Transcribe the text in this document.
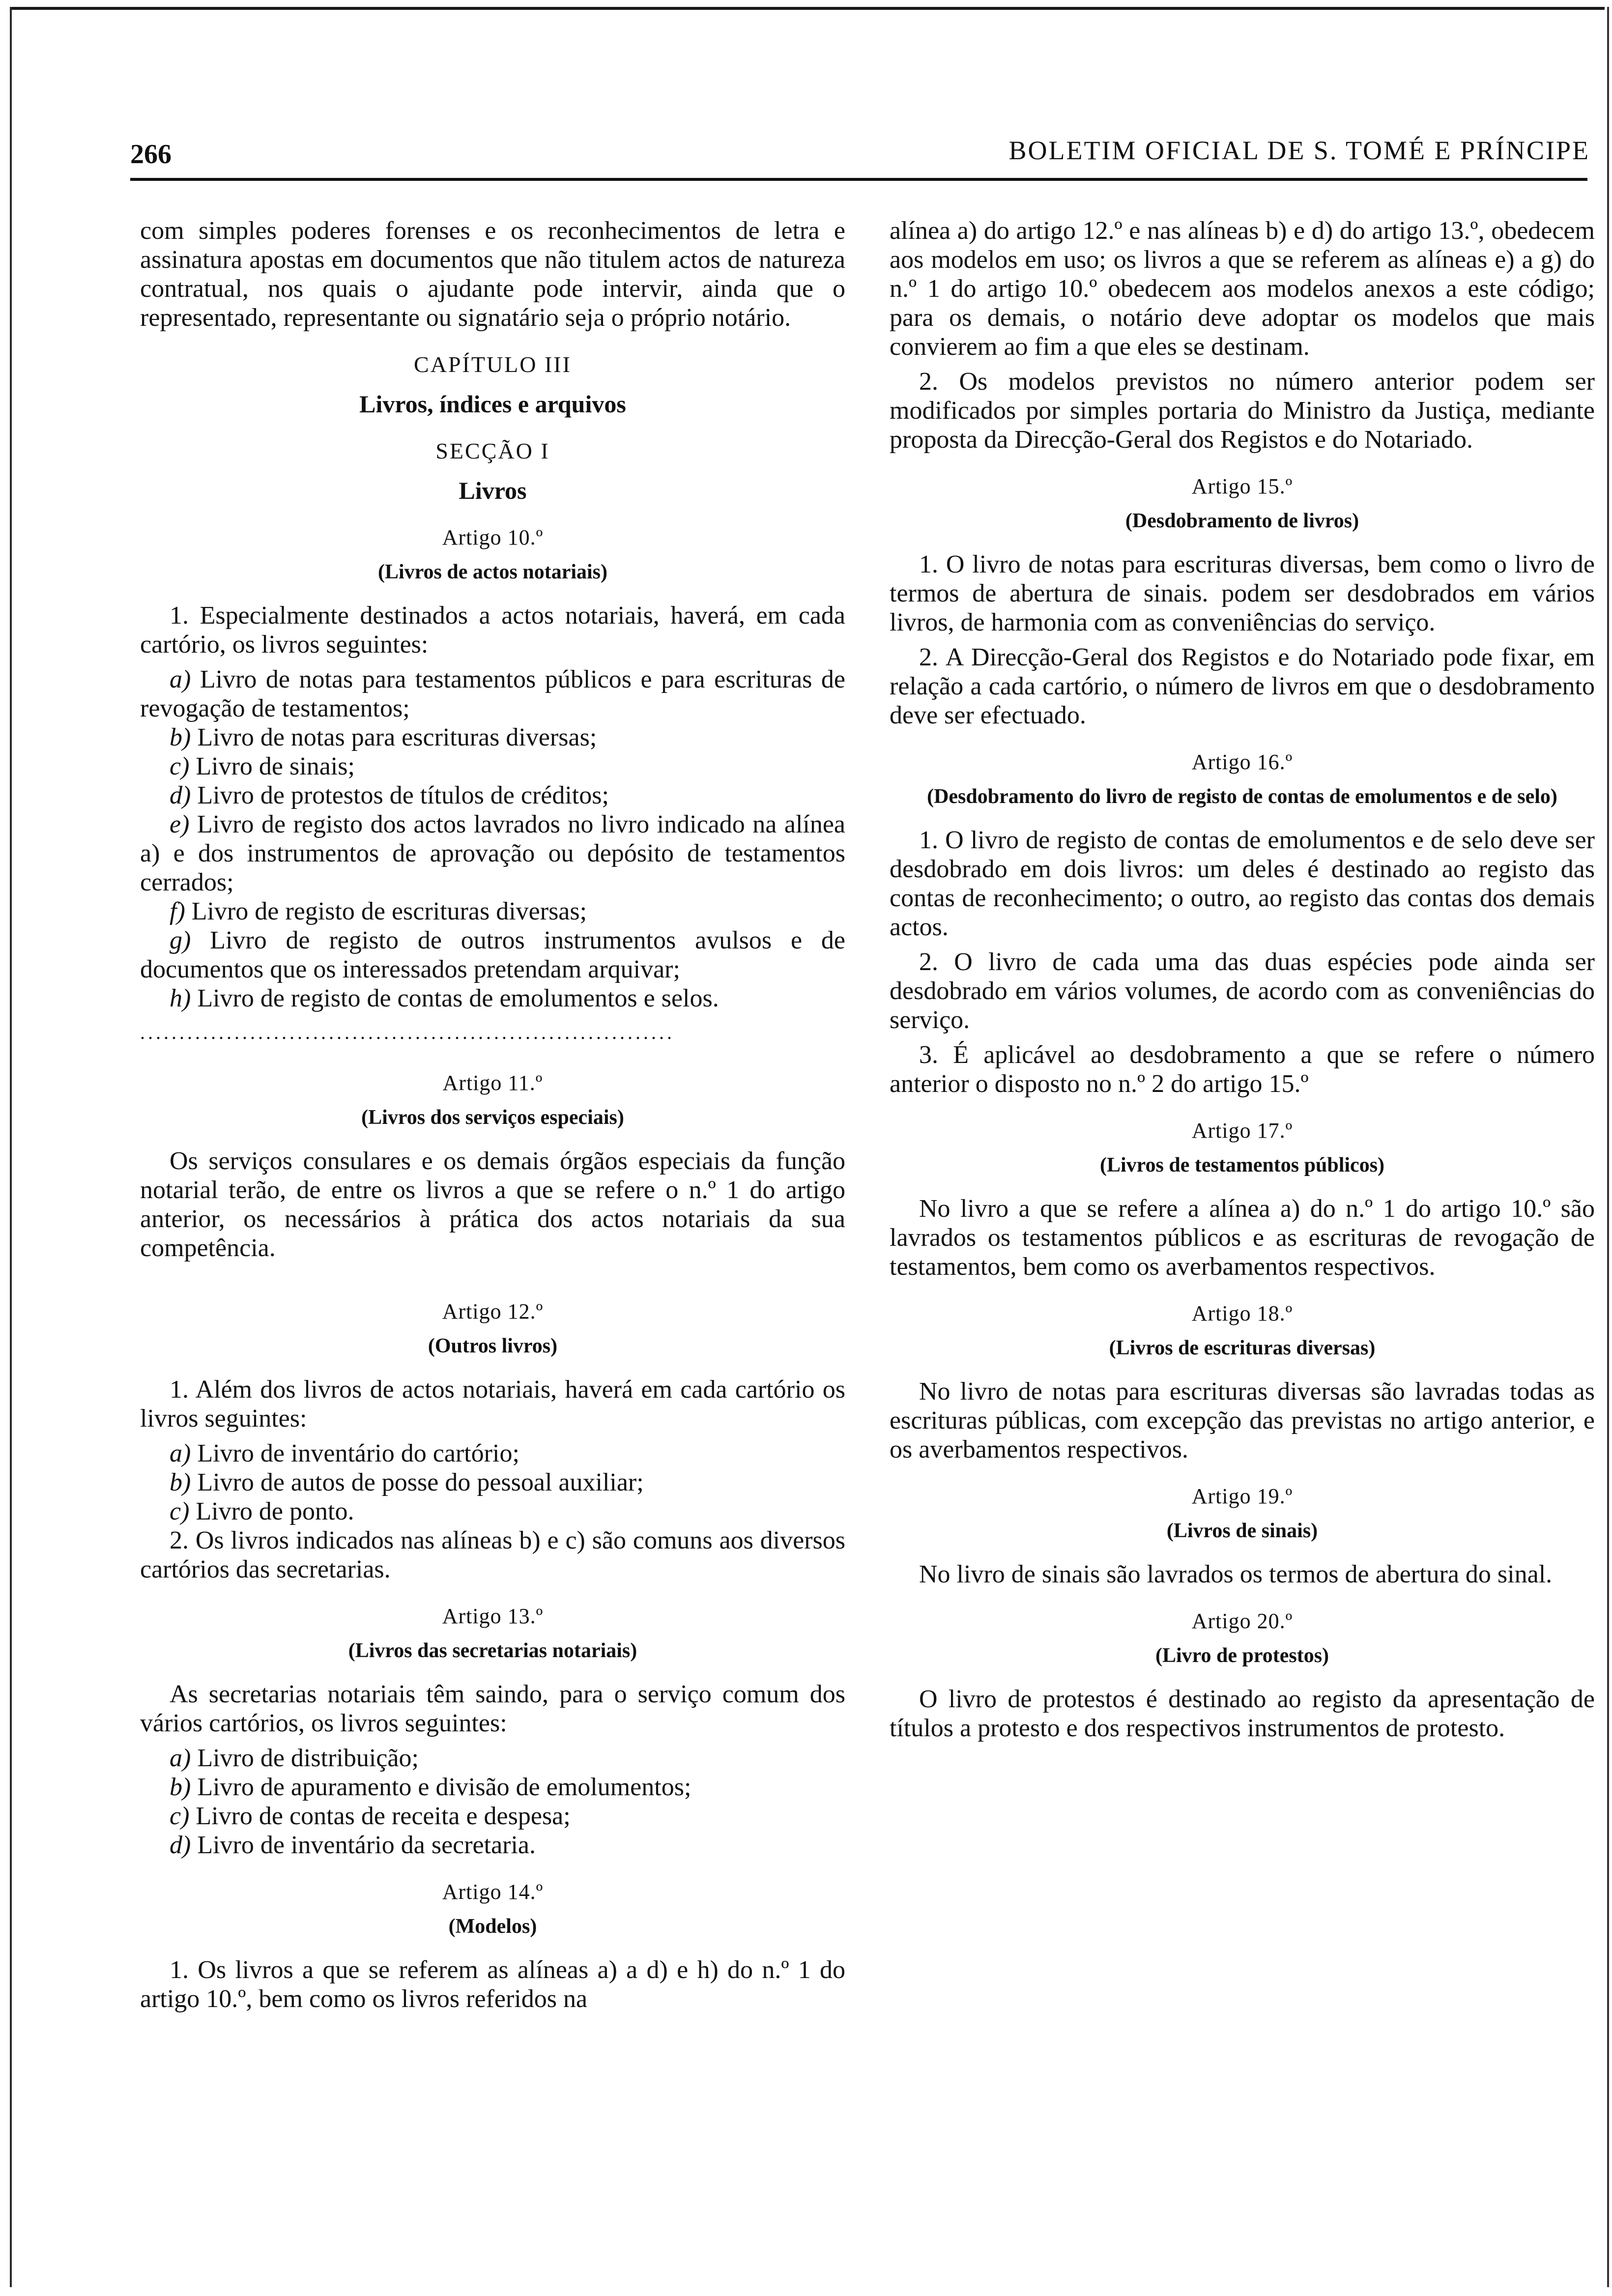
266	BOLETIM OFICIAL DE S. TOMÉ E PRÍNCIPE

com simples poderes forenses e os reconhecimentos de letra e assinatura apostas em documentos que não titulem actos de natureza contratual, nos quais o ajudante pode intervir, ainda que o representado, representante ou signatário seja o próprio notário.

CAPÍTULO III

Livros, índices e arquivos

SECÇÃO I

Livros

Artigo 10.º

(Livros de actos notariais)

1. Especialmente destinados a actos notariais, haverá, em cada cartório, os livros seguintes:

a) Livro de notas para testamentos públicos e para escrituras de revogação de testamentos;
b) Livro de notas para escrituras diversas;
c) Livro de sinais;
d) Livro de protestos de títulos de créditos;
e) Livro de registo dos actos lavrados no livro indicado na alínea a) e dos instrumentos de aprovação ou depósito de testamentos cerrados;
f) Livro de registo de escrituras diversas;
g) Livro de registo de outros instrumentos avulsos e de documentos que os interessados pretendam arquivar;
h) Livro de registo de contas de emolumentos e selos.

....................................................................

Artigo 11.º

(Livros dos serviços especiais)

Os serviços consulares e os demais órgãos especiais da função notarial terão, de entre os livros a que se refere o n.º 1 do artigo anterior, os necessários à prática dos actos notariais da sua competência.

Artigo 12.º

(Outros livros)

1. Além dos livros de actos notariais, haverá em cada cartório os livros seguintes:

a) Livro de inventário do cartório;
b) Livro de autos de posse do pessoal auxiliar;
c) Livro de ponto.

2. Os livros indicados nas alíneas b) e c) são comuns aos diversos cartórios das secretarias.

Artigo 13.º

(Livros das secretarias notariais)

As secretarias notariais têm saindo, para o serviço comum dos vários cartórios, os livros seguintes:

a) Livro de distribuição;
b) Livro de apuramento e divisão de emolumentos;
c) Livro de contas de receita e despesa;
d) Livro de inventário da secretaria.

Artigo 14.º

(Modelos)

1. Os livros a que se referem as alíneas a) a d) e h) do n.º 1 do artigo 10.º, bem como os livros referidos na

alínea a) do artigo 12.º e nas alíneas b) e d) do artigo 13.º, obedecem aos modelos em uso; os livros a que se referem as alíneas e) a g) do n.º 1 do artigo 10.º obedecem aos modelos anexos a este código; para os demais, o notário deve adoptar os modelos que mais convierem ao fim a que eles se destinam.

2. Os modelos previstos no número anterior podem ser modificados por simples portaria do Ministro da Justiça, mediante proposta da Direcção-Geral dos Registos e do Notariado.

Artigo 15.º

(Desdobramento de livros)

1. O livro de notas para escrituras diversas, bem como o livro de termos de abertura de sinais. podem ser desdobrados em vários livros, de harmonia com as conveniências do serviço.

2. A Direcção-Geral dos Registos e do Notariado pode fixar, em relação a cada cartório, o número de livros em que o desdobramento deve ser efectuado.

Artigo 16.º

(Desdobramento do livro de registo de contas de emolumentos e de selo)

1. O livro de registo de contas de emolumentos e de selo deve ser desdobrado em dois livros: um deles é destinado ao registo das contas de reconhecimento; o outro, ao registo das contas dos demais actos.

2. O livro de cada uma das duas espécies pode ainda ser desdobrado em vários volumes, de acordo com as conveniências do serviço.

3. É aplicável ao desdobramento a que se refere o número anterior o disposto no n.º 2 do artigo 15.º

Artigo 17.º

(Livros de testamentos públicos)

No livro a que se refere a alínea a) do n.º 1 do artigo 10.º são lavrados os testamentos públicos e as escrituras de revogação de testamentos, bem como os averbamentos respectivos.

Artigo 18.º

(Livros de escrituras diversas)

No livro de notas para escrituras diversas são lavradas todas as escrituras públicas, com excepção das previstas no artigo anterior, e os averbamentos respectivos.

Artigo 19.º

(Livros de sinais)

No livro de sinais são lavrados os termos de abertura do sinal.

Artigo 20.º

(Livro de protestos)

O livro de protestos é destinado ao registo da apresentação de títulos a protesto e dos respectivos instrumentos de protesto.
